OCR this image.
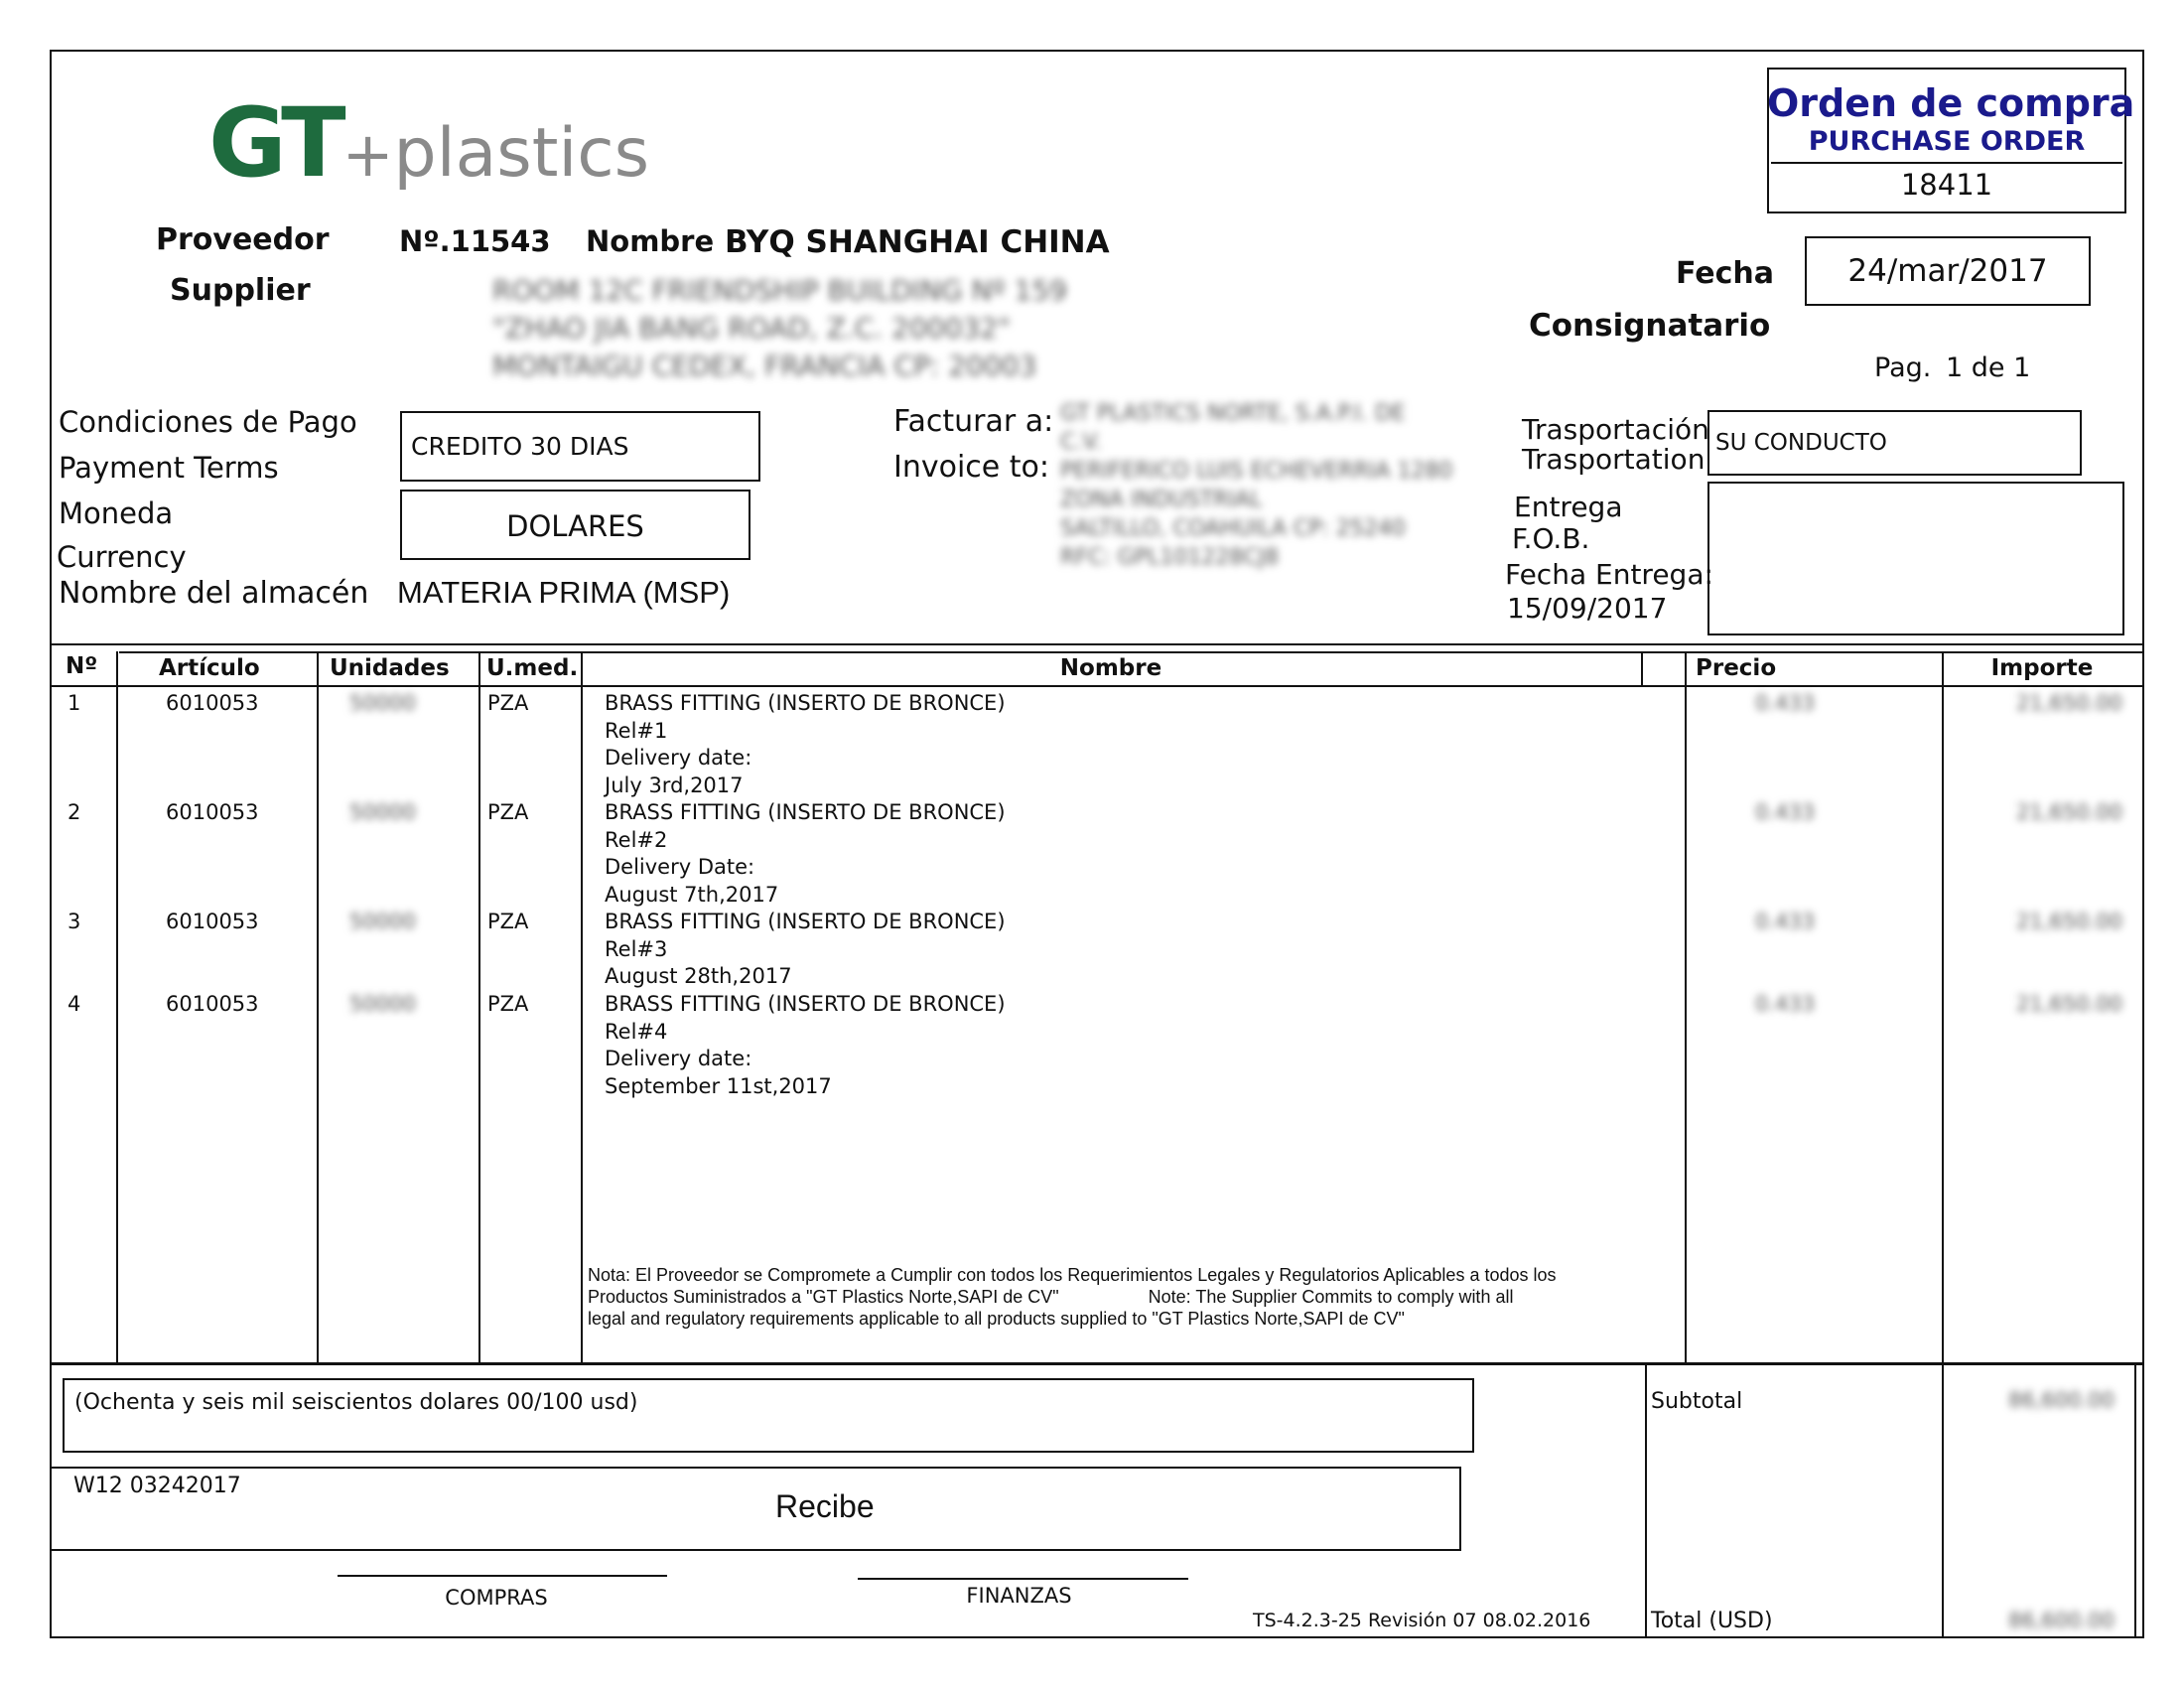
GT+plastics
Orden de compra
PURCHASE ORDER
18411
Proveedor
Supplier
Nº.11543 Nombre BYQ SHANGHAI CHINA
ROOM 12C FRIENDSHIP BUILDING Nº 159
"ZHAO JIA BANG ROAD, Z.C. 200032"
MONTAIGU CEDEX, FRANCIA CP: 20003
Fecha	24/mar/2017
Consignatario
Pag. 1 de 1
Condiciones de Pago
Payment Terms
CREDITO 30 DIAS
Moneda
Currency
DOLARES
Nombre del almacén MATERIA PRIMA (MSP)
Facturar a:
Invoice to:
GT PLASTICS NORTE, S.A.P.I. DE
C.V.
PERIFERICO LUIS ECHEVERRIA 1280
ZONA INDUSTRIAL
SALTILLO, COAHUILA CP: 25240
RFC: GPL101228CJ8
Trasportación
Trasportation SU CONDUCTO
Entrega
F.O.B.
Fecha Entrega:
15/09/2017
Nº	Artículo	Unidades U.med.	Nombre	Precio	Importe
1	6010053	50000	PZA	BRASS FITTING (INSERTO DE BRONCE)
Rel#1
Delivery date:
July 3rd,2017
0.433	21,650.00
2	6010053	50000	PZA	BRASS FITTING (INSERTO DE BRONCE)
Rel#2
Delivery Date:
August 7th,2017
0.433	21,650.00
3	6010053	50000	PZA	BRASS FITTING (INSERTO DE BRONCE)
Rel#3
August 28th,2017
0.433	21,650.00
4	6010053	50000	PZA	BRASS FITTING (INSERTO DE BRONCE)
Rel#4
Delivery date:
September 11st,2017
0.433	21,650.00
Nota: El Proveedor se Compromete a Cumplir con todos los Requerimientos Legales y Regulatorios Aplicables a todos los
Productos Suministrados a "GT Plastics Norte,SAPI de CV"                  Note: The Supplier Commits to comply with all
legal and regulatory requirements applicable to all products supplied to "GT Plastics Norte,SAPI de CV"
(Ochenta y seis mil seiscientos dolares 00/100 usd)
W12 03242017
Recibe
COMPRAS	FINANZAS
TS-4.2.3-25 Revisión 07 08.02.2016
Subtotal	86,600.00
Total (USD)	86,600.00
